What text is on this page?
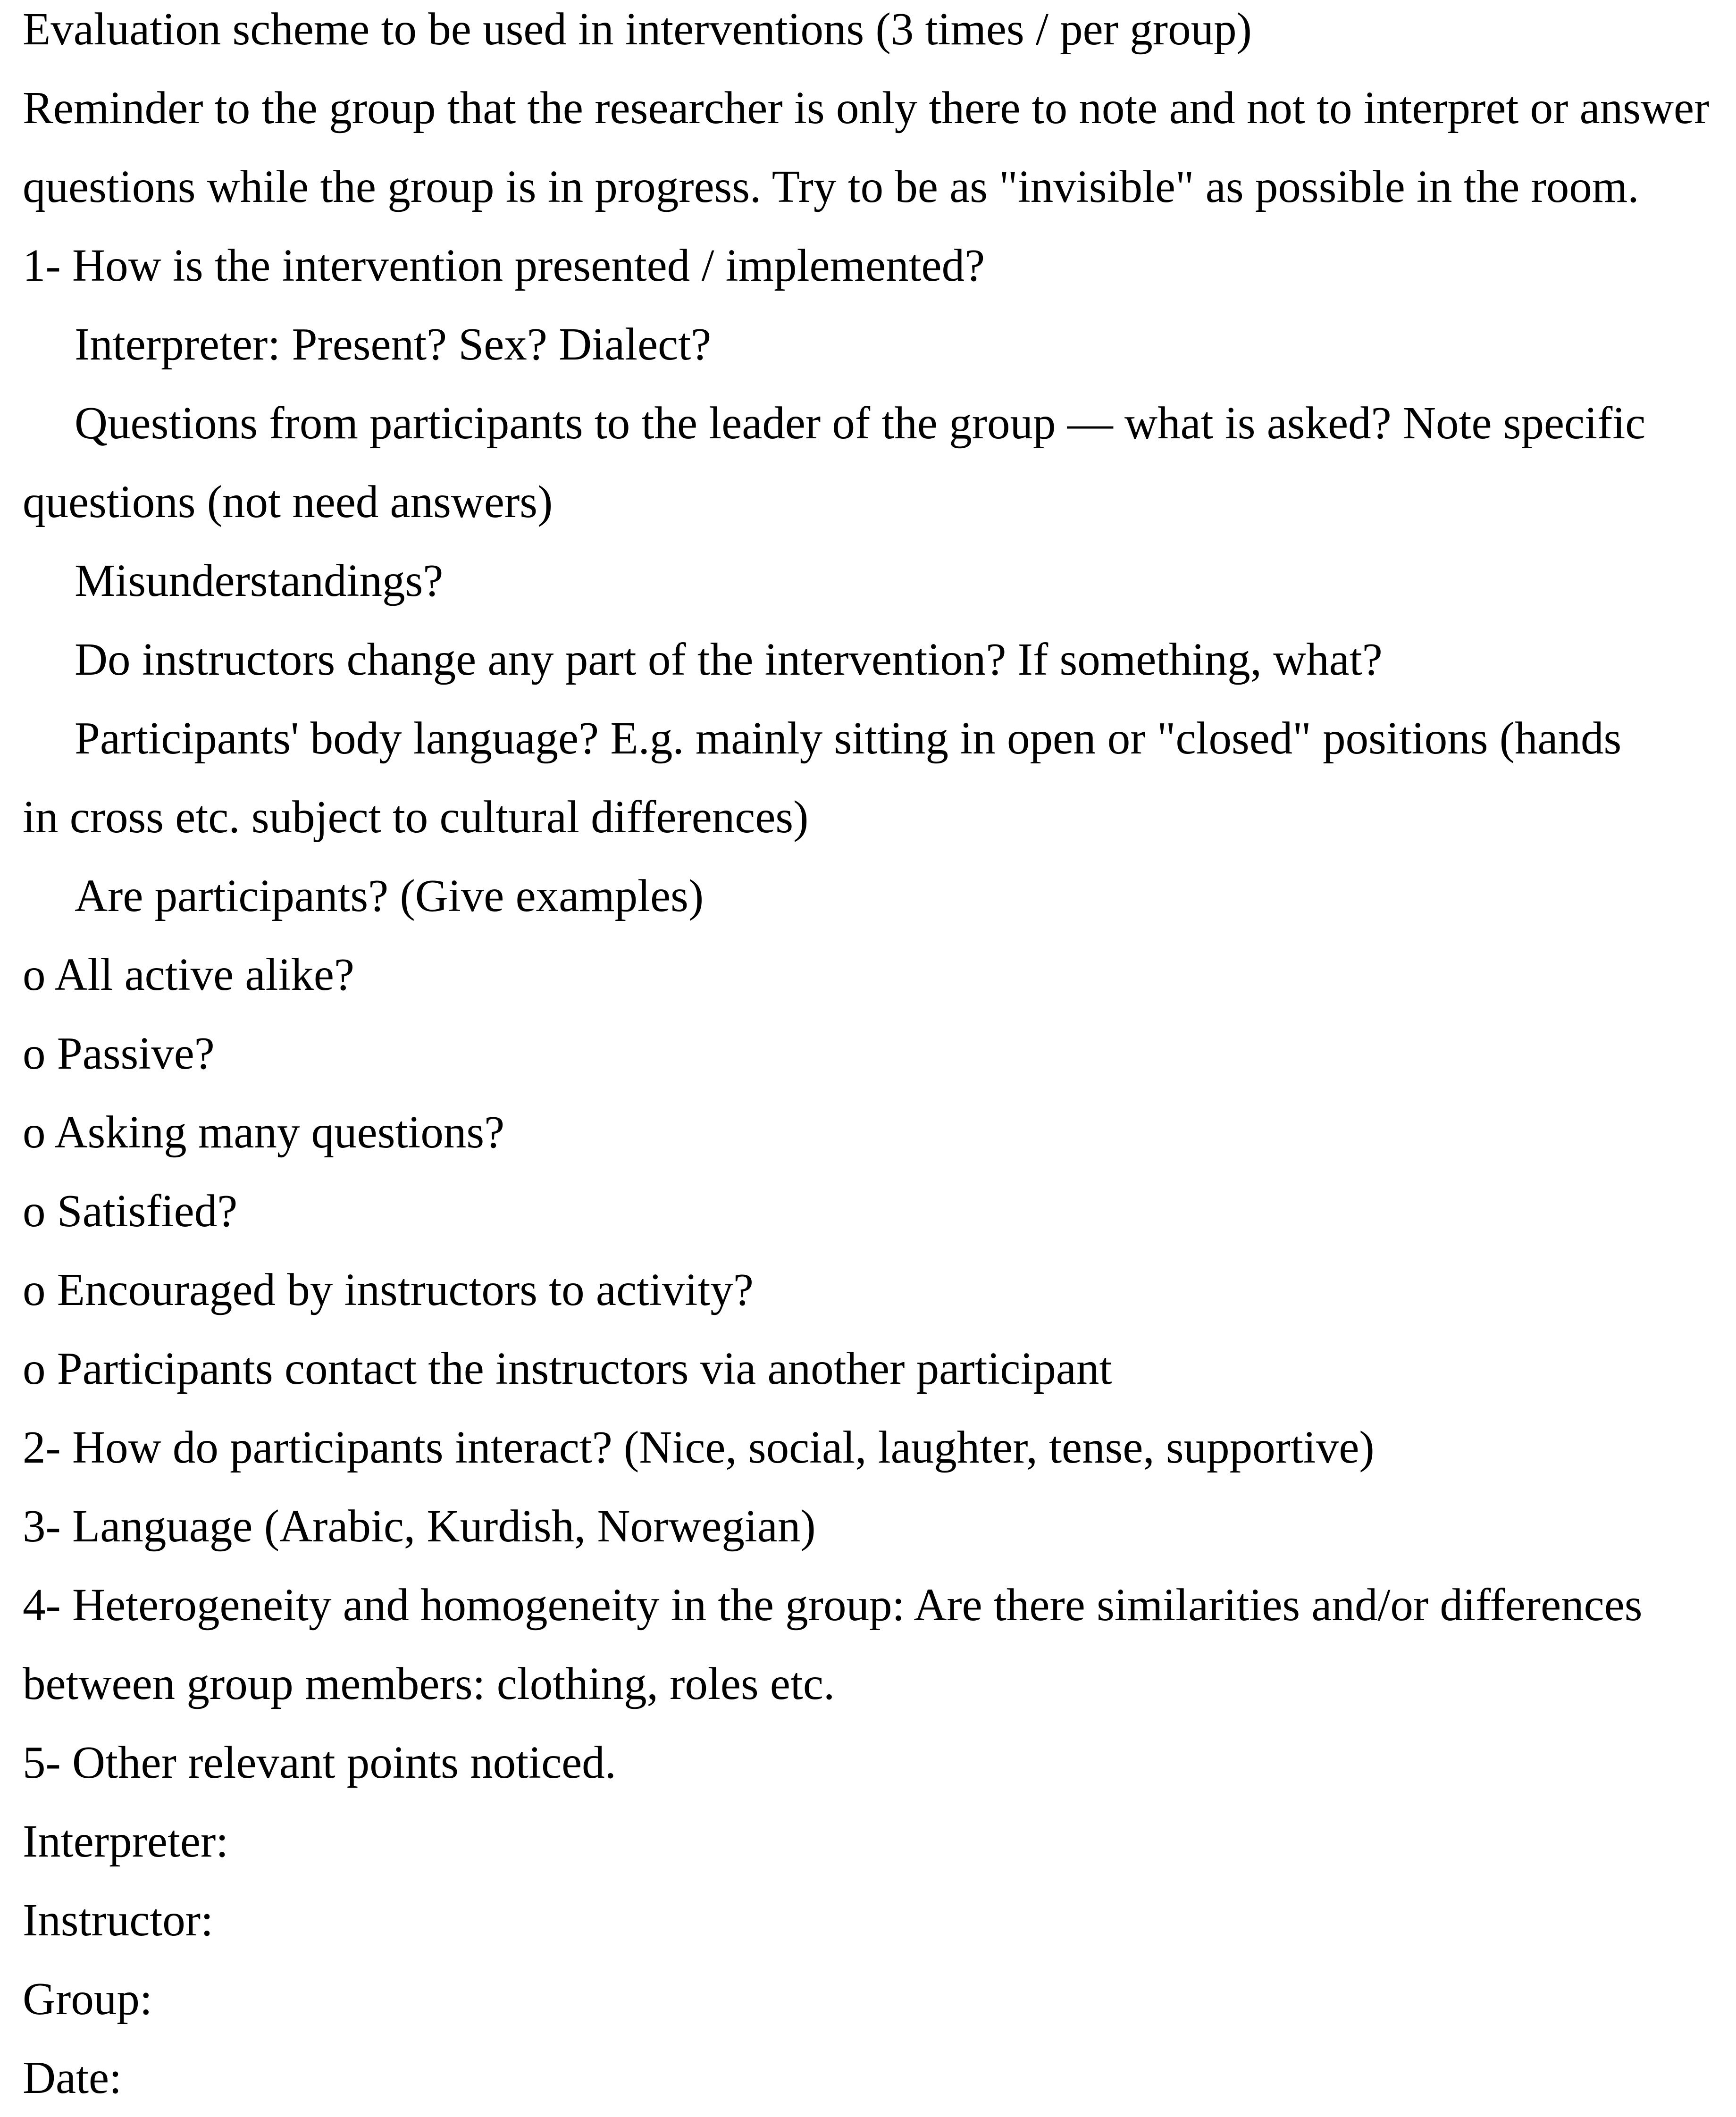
Evaluation scheme to be used in interventions (3 times / per group)
Reminder to the group that the researcher is only there to note and not to interpret or answer
questions while the group is in progress. Try to be as "invisible" as possible in the room.
1- How is the intervention presented / implemented?
Interpreter: Present? Sex? Dialect?
Questions from participants to the leader of the group — what is asked? Note specific
questions (not need answers)
Misunderstandings?
Do instructors change any part of the intervention? If something, what?
Participants' body language? E.g. mainly sitting in open or "closed" positions (hands
in cross etc. subject to cultural differences)
Are participants? (Give examples)
o All active alike?
o Passive?
o Asking many questions?
o Satisfied?
o Encouraged by instructors to activity?
o Participants contact the instructors via another participant
2- How do participants interact? (Nice, social, laughter, tense, supportive)
3- Language (Arabic, Kurdish, Norwegian)
4- Heterogeneity and homogeneity in the group: Are there similarities and/or differences
between group members: clothing, roles etc.
5- Other relevant points noticed.
Interpreter:
Instructor:
Group:
Date:
